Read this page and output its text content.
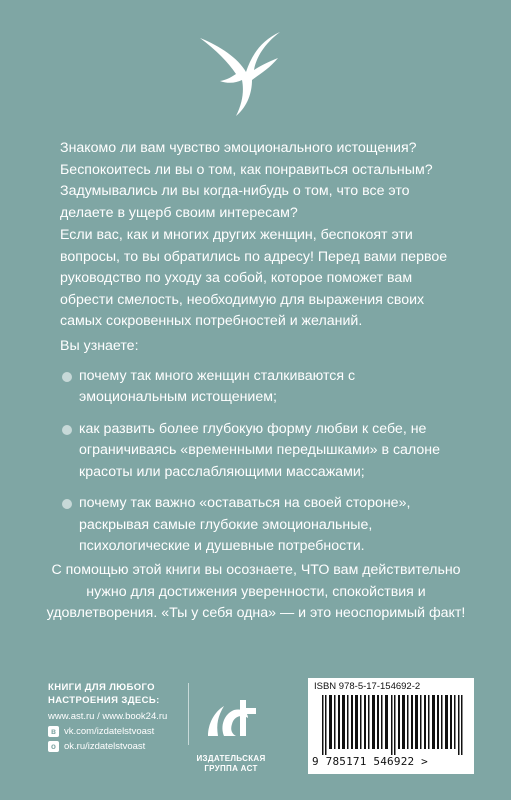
Знакомо ли вам чувство эмоционального истощения? Беспокоитесь ли вы о том, как понравиться остальным? Задумывались ли вы когда-нибудь о том, что все это делаете в ущерб своим интересам?
Если вас, как и многих других женщин, беспокоят эти вопросы, то вы обратились по адресу! Перед вами первое руководство по уходу за собой, которое поможет вам обрести смелость, необходимую для выражения своих самых сокровенных потребностей и желаний.

Вы узнаете:

почему так много женщин сталкиваются с эмоциональным истощением;
как развить более глубокую форму любви к себе, не ограничиваясь «временными передышками» в салоне красоты или расслабляющими массажами;
почему так важно «оставаться на своей стороне», раскрывая самые глубокие эмоциональные, психологические и душевные потребности.
С помощью этой книги вы осознаете, ЧТО вам действительно нужно для достижения уверенности, спокойствия и удовлетворения. «Ты у себя одна» — и это неоспоримый факт!
КНИГИ ДЛЯ ЛЮБОГО
НАСТРОЕНИЯ ЗДЕСЬ:
www.ast.ru / www.book24.ru
в vk.com/izdatelstvoast
о ok.ru/izdatelstvoast
ИЗДАТЕЛЬСКАЯ
ГРУППА АСТ
ISBN 978-5-17-154692-2
9 785171 546922 >
